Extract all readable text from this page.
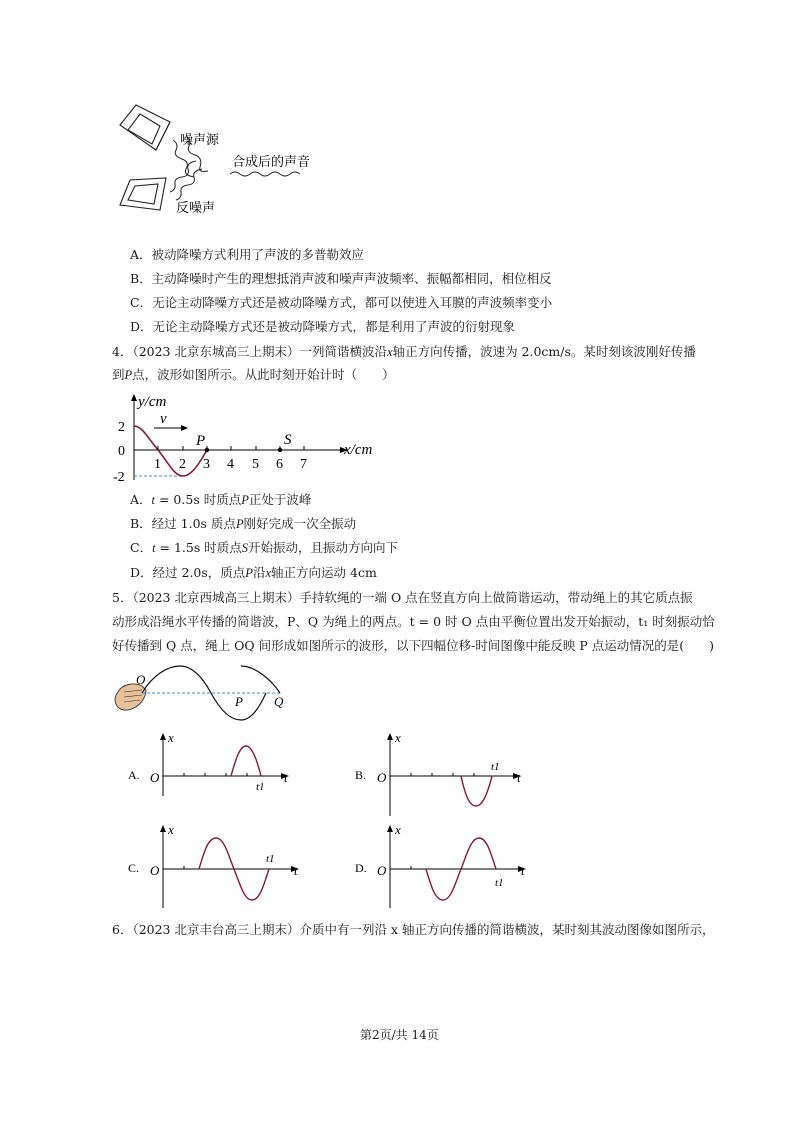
噪声源
合成后的声音
反噪声
A．被动降噪方式利用了声波的多普勒效应
B．主动降噪时产生的理想抵消声波和噪声声波频率、振幅都相同，相位相反
C．无论主动降噪方式还是被动降噪方式，都可以使进入耳膜的声波频率变小
D．无论主动降噪方式还是被动降噪方式，都是利用了声波的衍射现象
4．（2023 北京东城高三上期末）一列简谐横波沿x轴正方向传播，波速为 2.0cm/s。某时刻该波刚好传播
到P点，波形如图所示。从此时刻开始计时（　　）
y/cm
x/cm
v
P	S
2
0
-2
1 2 3 4 5 6 7
A．t = 0.5s 时质点P正处于波峰
B．经过 1.0s 质点P刚好完成一次全振动
C．t = 1.5s 时质点S开始振动，且振动方向向下
D．经过 2.0s，质点P沿x轴正方向运动 4cm
5．（2023 北京西城高三上期末）手持软绳的一端 O 点在竖直方向上做简谐运动，带动绳上的其它质点振
动形成沿绳水平传播的简谐波，P、Q 为绳上的两点。t = 0 时 O 点由平衡位置出发开始振动，t₁ 时刻振动恰
好传播到 Q 点，绳上 OQ 间形成如图所示的波形，以下四幅位移-时间图像中能反映 P 点运动情况的是(　　)
O
P Q
A.
x
t
O
t1
B.
x
t
O
t1
C.
x
t
O
t1
D.
x
t
O
t1
6．（2023 北京丰台高三上期末）介质中有一列沿 x 轴正方向传播的简谐横波，某时刻其波动图像如图所示，
第2页/共 14页
